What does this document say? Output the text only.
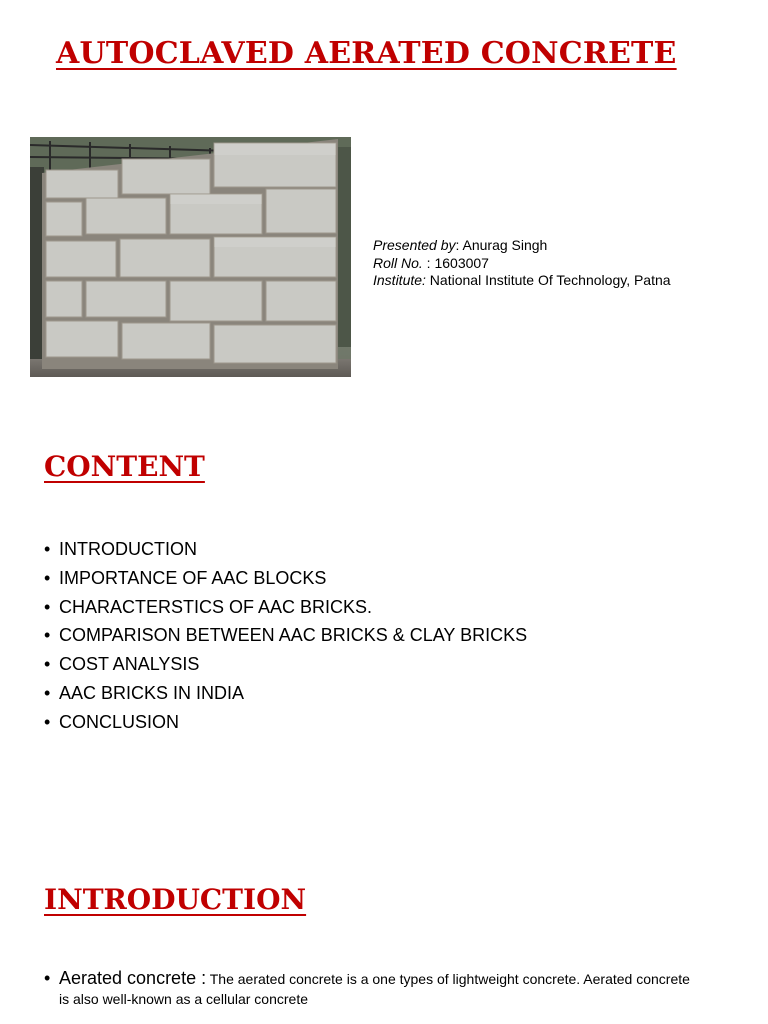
AUTOCLAVED AERATED CONCRETE
Presented by: Anurag Singh
Roll No. : 1603007
Institute: National Institute Of Technology, Patna
CONTENT
• INTRODUCTION
• IMPORTANCE OF AAC BLOCKS
• CHARACTERSTICS OF AAC BRICKS.
• COMPARISON BETWEEN AAC BRICKS & CLAY BRICKS
• COST ANALYSIS
• AAC BRICKS IN INDIA
• CONCLUSION
INTRODUCTION
• Aerated concrete : The aerated concrete is a one types of lightweight concrete. Aerated concrete
is also well-known as a cellular concrete
